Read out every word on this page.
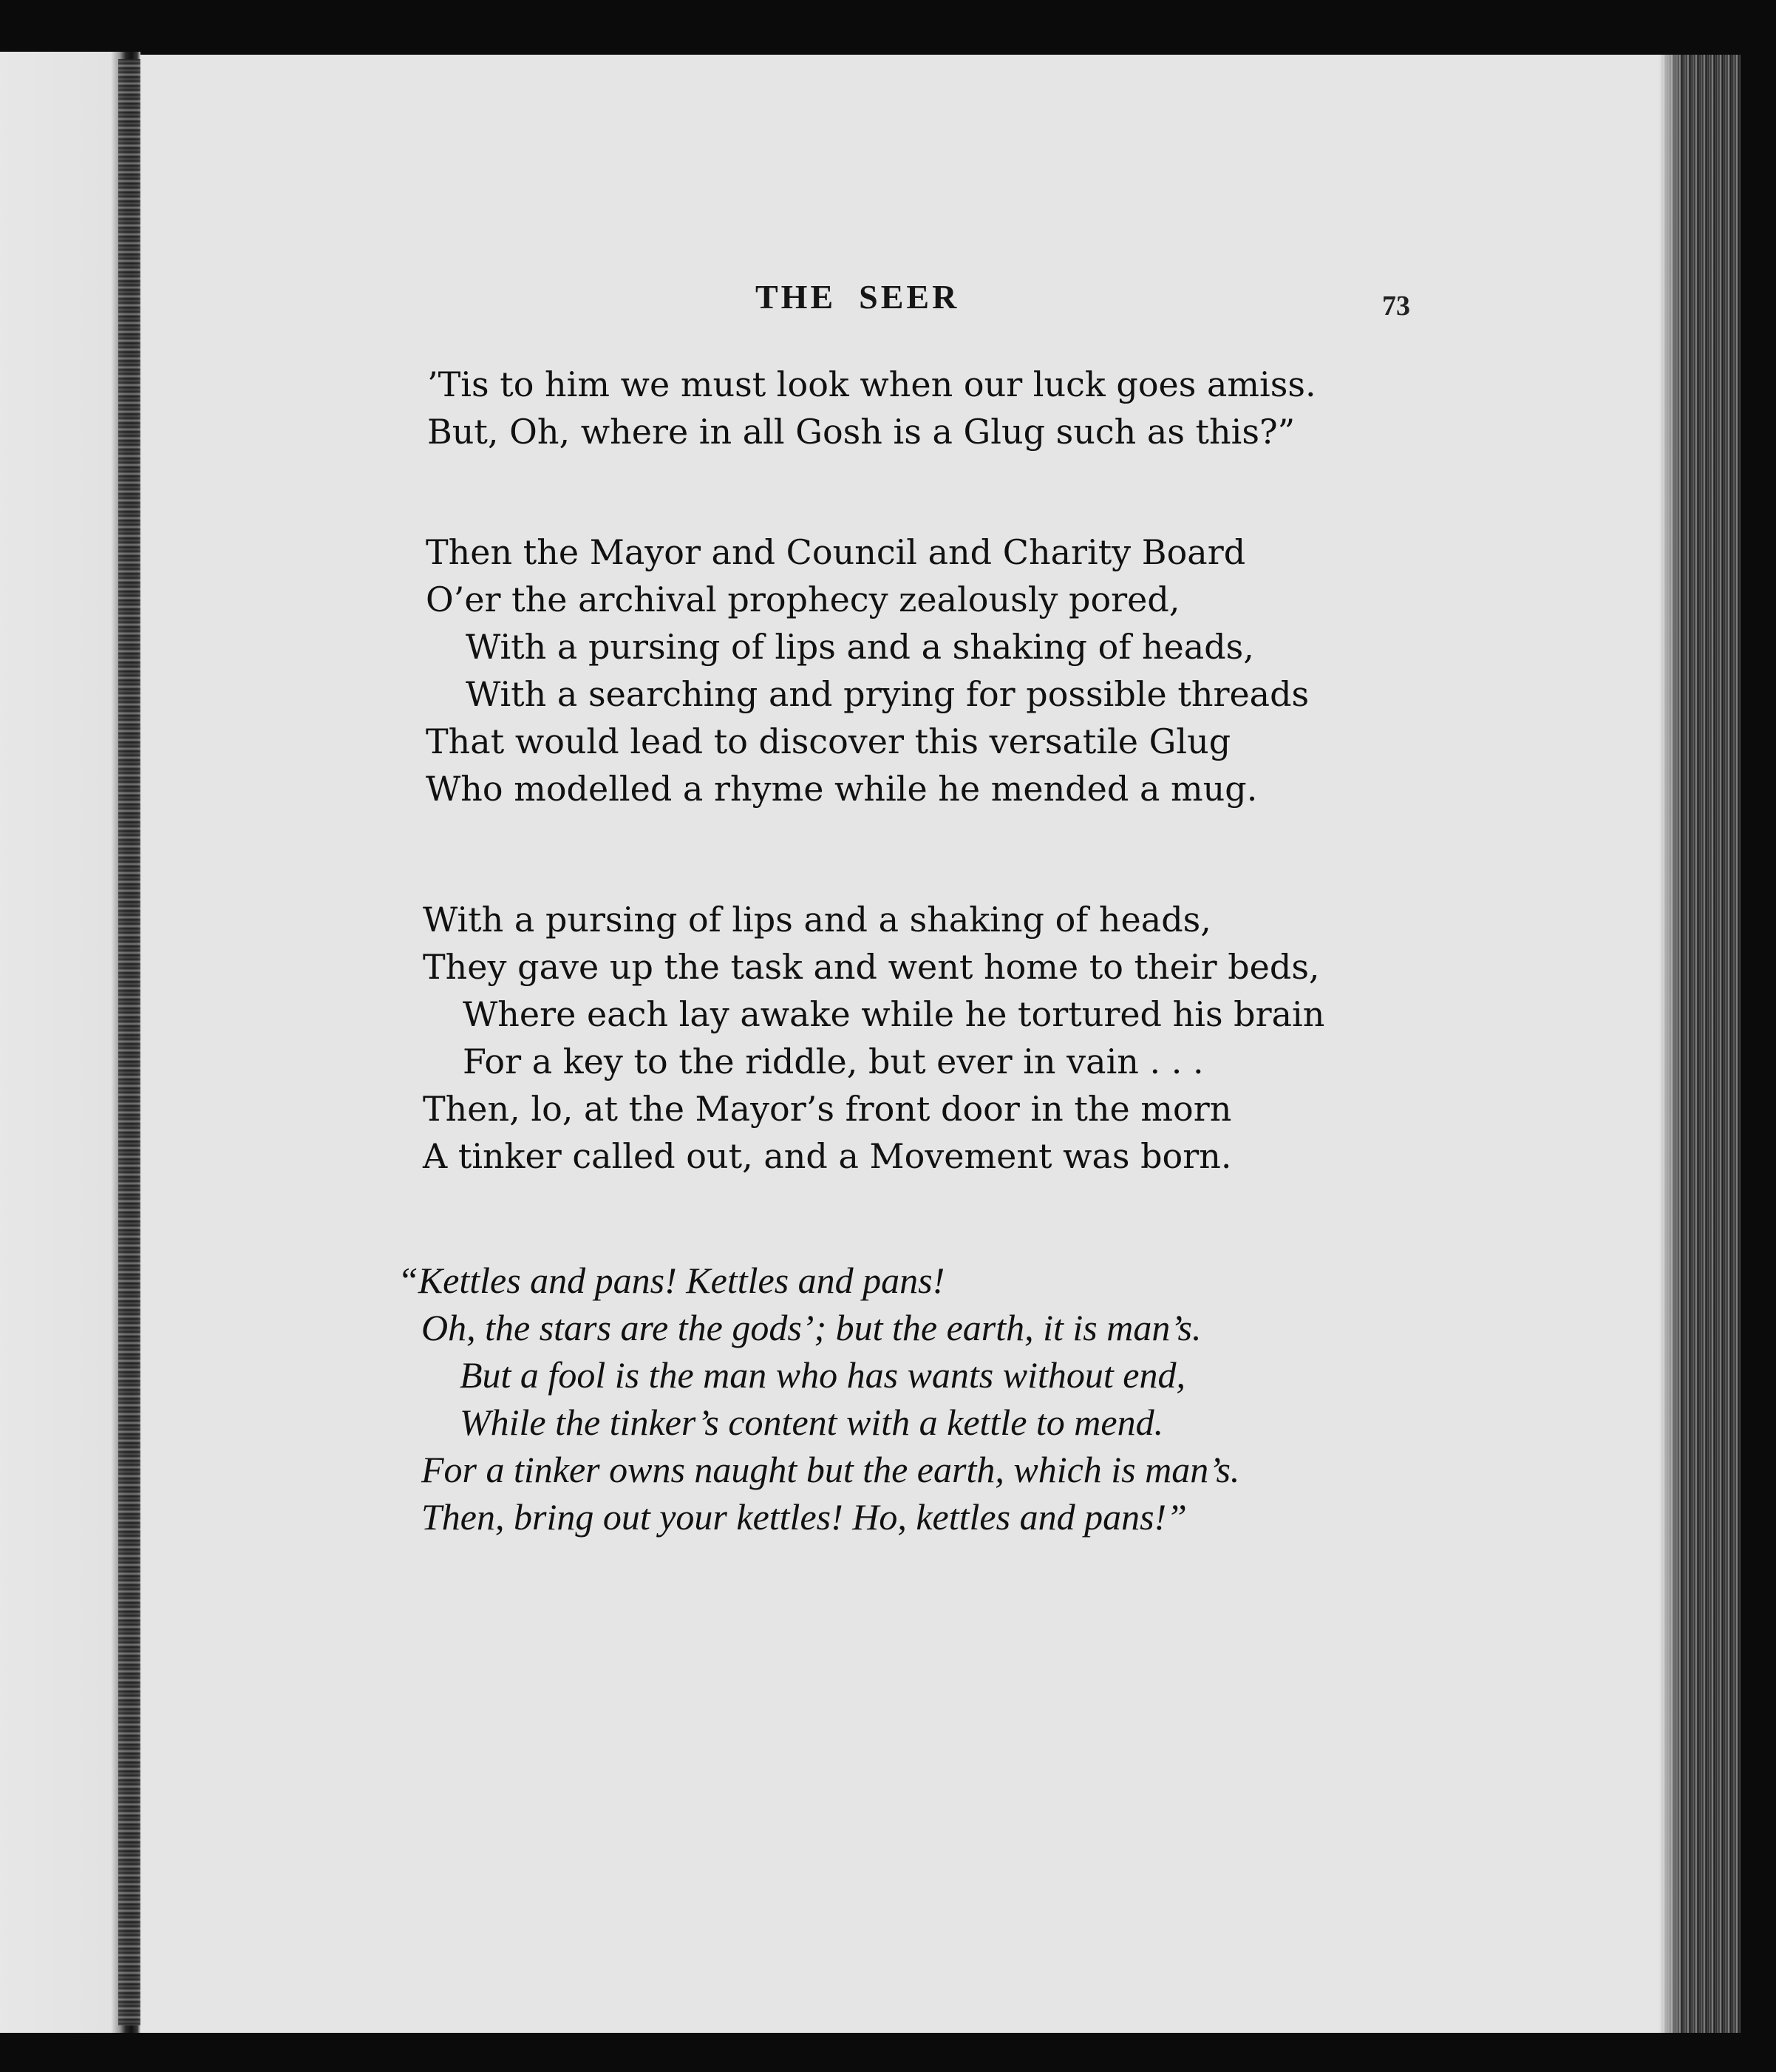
THE  SEER	73
’Tis to him we must look when our luck goes amiss.
But, Oh, where in all Gosh is a Glug such as this?”
Then the Mayor and Council and Charity Board
O’er the archival prophecy zealously pored,
With a pursing of lips and a shaking of heads,
With a searching and prying for possible threads
That would lead to discover this versatile Glug
Who modelled a rhyme while he mended a mug.
With a pursing of lips and a shaking of heads,
They gave up the task and went home to their beds,
Where each lay awake while he tortured his brain
For a key to the riddle, but ever in vain . . .
Then, lo, at the Mayor’s front door in the morn
A tinker called out, and a Movement was born.
“Kettles and pans! Kettles and pans!
Oh, the stars are the gods’; but the earth, it is man’s.
But a fool is the man who has wants without end,
While the tinker’s content with a kettle to mend.
For a tinker owns naught but the earth, which is man’s.
Then, bring out your kettles! Ho, kettles and pans!”
